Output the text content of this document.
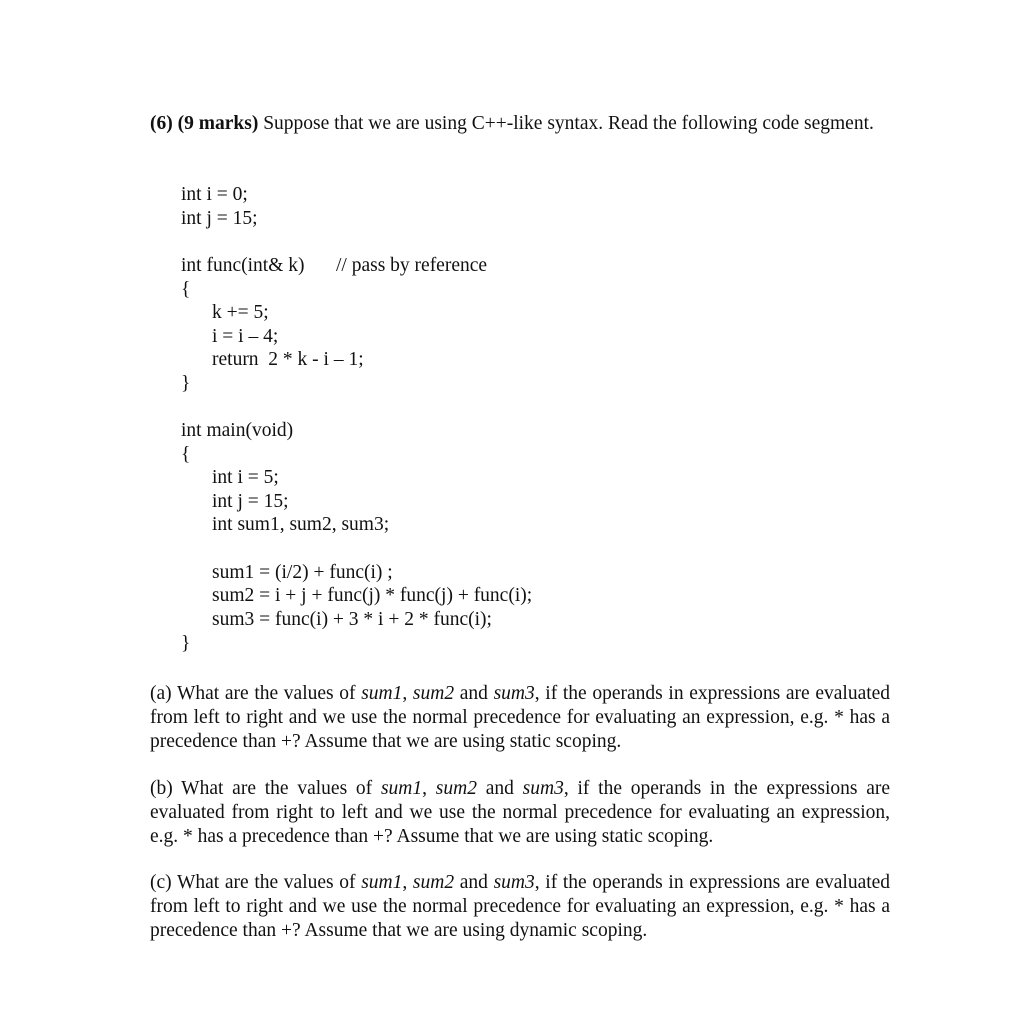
(6) (9 marks) Suppose that we are using C++-like syntax. Read the following code segment.
int i = 0;
int j = 15;
int func(int& k) // pass by reference
{
k += 5;
i = i – 4;
return  2 * k - i – 1;
}
int main(void)
{
int i = 5;
int j = 15;
int sum1, sum2, sum3;
sum1 = (i/2) + func(i) ;
sum2 = i + j + func(j) * func(j) + func(i);
sum3 = func(i) + 3 * i + 2 * func(i);
}
(a) What are the values of sum1, sum2 and sum3, if the operands in expressions are evaluated from left to right and we use the normal precedence for evaluating an expression, e.g. * has a precedence than +? Assume that we are using static scoping.
(b) What are the values of sum1, sum2 and sum3, if the operands in the expressions are evaluated from right to left and we use the normal precedence for evaluating an expression, e.g. * has a precedence than +? Assume that we are using static scoping.
(c) What are the values of sum1, sum2 and sum3, if the operands in expressions are evaluated from left to right and we use the normal precedence for evaluating an expression, e.g. * has a precedence than +? Assume that we are using dynamic scoping.
